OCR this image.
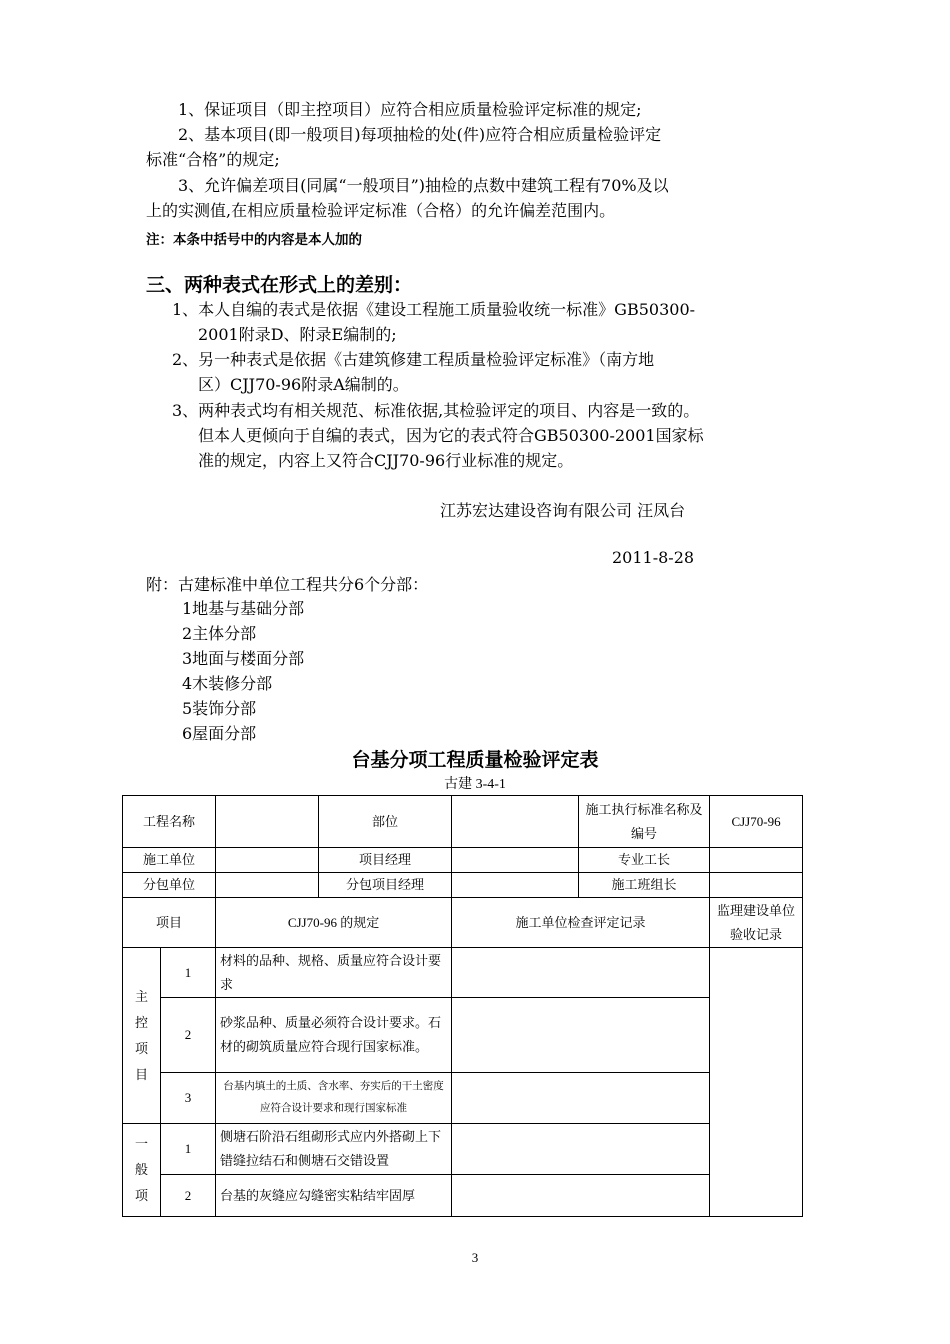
1、保证项目（即主控项目）应符合相应质量检验评定标准的规定;
2、基本项目(即一般项目)每项抽检的处(件)应符合相应质量检验评定
标准“合格”的规定;
3、允许偏差项目(同属“一般项目”)抽检的点数中建筑工程有70%及以
上的实测值,在相应质量检验评定标准（合格）的允许偏差范围内。
注：本条中括号中的内容是本人加的
三、两种表式在形式上的差别：
1、本人自编的表式是依据《建设工程施工质量验收统一标准》GB50300-
2001附录D、附录E编制的;
2、另一种表式是依据《古建筑修建工程质量检验评定标准》（南方地
区）CJJ70-96附录A编制的。
3、两种表式均有相关规范、标准依据,其检验评定的项目、内容是一致的。
但本人更倾向于自编的表式，因为它的表式符合GB50300-2001国家标
准的规定，内容上又符合CJJ70-96行业标准的规定。
江苏宏达建设咨询有限公司 汪凤台
2011-8-28
附：古建标准中单位工程共分6个分部：
1地基与基础分部
2主体分部
3地面与楼面分部
4木装修分部
5装饰分部
6屋面分部
台基分项工程质量检验评定表
古建 3-4-1
工程名称			部位		施工执行标准名称及编号	CJJ70-96
施工单位			项目经理		专业工长	
分包单位			分包项目经理		施工班组长	
项目		CJJ70-96 的规定		施工单位检查评定记录		监理建设单位验收记录

主
控
项
目	1	材料的品种、规格、质量应符合设计要求				
	2	砂浆品种、质量必须符合设计要求。石材的砌筑质量应符合现行国家标准。				
	3	台基内填土的土质、含水率、夯实后的干土密度应符合设计要求和现行国家标准				

一
般
项	1	侧塘石阶沿石组砌形式应内外搭砌上下错缝拉结石和侧塘石交错设置				
	2	台基的灰缝应勾缝密实粘结牢固厚				
3
